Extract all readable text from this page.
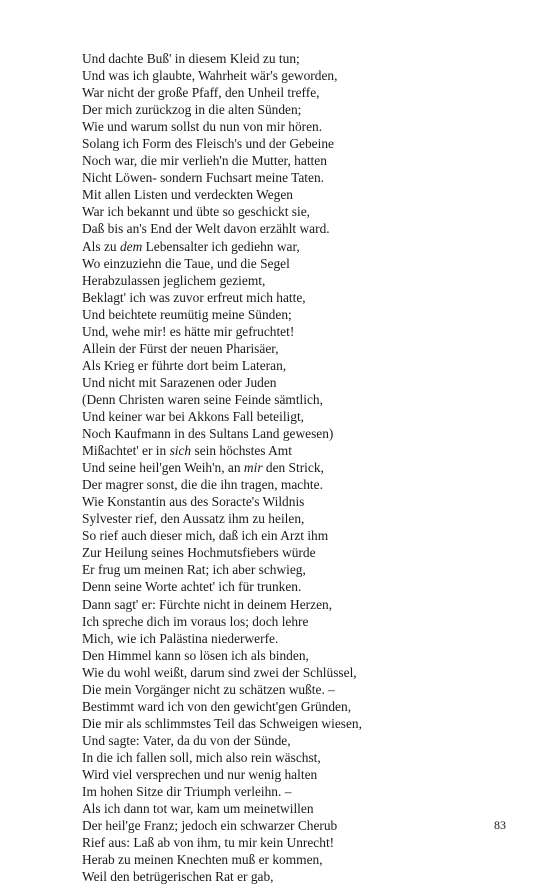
Und dachte Buß' in diesem Kleid zu tun;
Und was ich glaubte, Wahrheit wär's geworden,
War nicht der große Pfaff, den Unheil treffe,
Der mich zurückzog in die alten Sünden;
Wie und warum sollst du nun von mir hören.
Solang ich Form des Fleisch's und der Gebeine
Noch war, die mir verlieh'n die Mutter, hatten
Nicht Löwen- sondern Fuchsart meine Taten.
Mit allen Listen und verdeckten Wegen
War ich bekannt und übte so geschickt sie,
Daß bis an's End der Welt davon erzählt ward.
Als zu dem Lebensalter ich gediehn war,
Wo einzuziehn die Taue, und die Segel
Herabzulassen jeglichem geziemt,
Beklagt' ich was zuvor erfreut mich hatte,
Und beichtete reumütig meine Sünden;
Und, wehe mir! es hätte mir gefruchtet!
Allein der Fürst der neuen Pharisäer,
Als Krieg er führte dort beim Lateran,
Und nicht mit Sarazenen oder Juden
(Denn Christen waren seine Feinde sämtlich,
Und keiner war bei Akkons Fall beteiligt,
Noch Kaufmann in des Sultans Land gewesen)
Mißachtet' er in sich sein höchstes Amt
Und seine heil'gen Weih'n, an mir den Strick,
Der magrer sonst, die die ihn tragen, machte.
Wie Konstantin aus des Soracte's Wildnis
Sylvester rief, den Aussatz ihm zu heilen,
So rief auch dieser mich, daß ich ein Arzt ihm
Zur Heilung seines Hochmutsfiebers würde
Er frug um meinen Rat; ich aber schwieg,
Denn seine Worte achtet' ich für trunken.
Dann sagt' er: Fürchte nicht in deinem Herzen,
Ich spreche dich im voraus los; doch lehre
Mich, wie ich Palästina niederwerfe.
Den Himmel kann so lösen ich als binden,
Wie du wohl weißt, darum sind zwei der Schlüssel,
Die mein Vorgänger nicht zu schätzen wußte. –
Bestimmt ward ich von den gewicht'gen Gründen,
Die mir als schlimmstes Teil das Schweigen wiesen,
Und sagte: Vater, da du von der Sünde,
In die ich fallen soll, mich also rein wäschst,
Wird viel versprechen und nur wenig halten
Im hohen Sitze dir Triumph verleihn. –
Als ich dann tot war, kam um meinetwillen
Der heil'ge Franz; jedoch ein schwarzer Cherub
Rief aus: Laß ab von ihm, tu mir kein Unrecht!
Herab zu meinen Knechten muß er kommen,
Weil den betrügerischen Rat er gab,
83
